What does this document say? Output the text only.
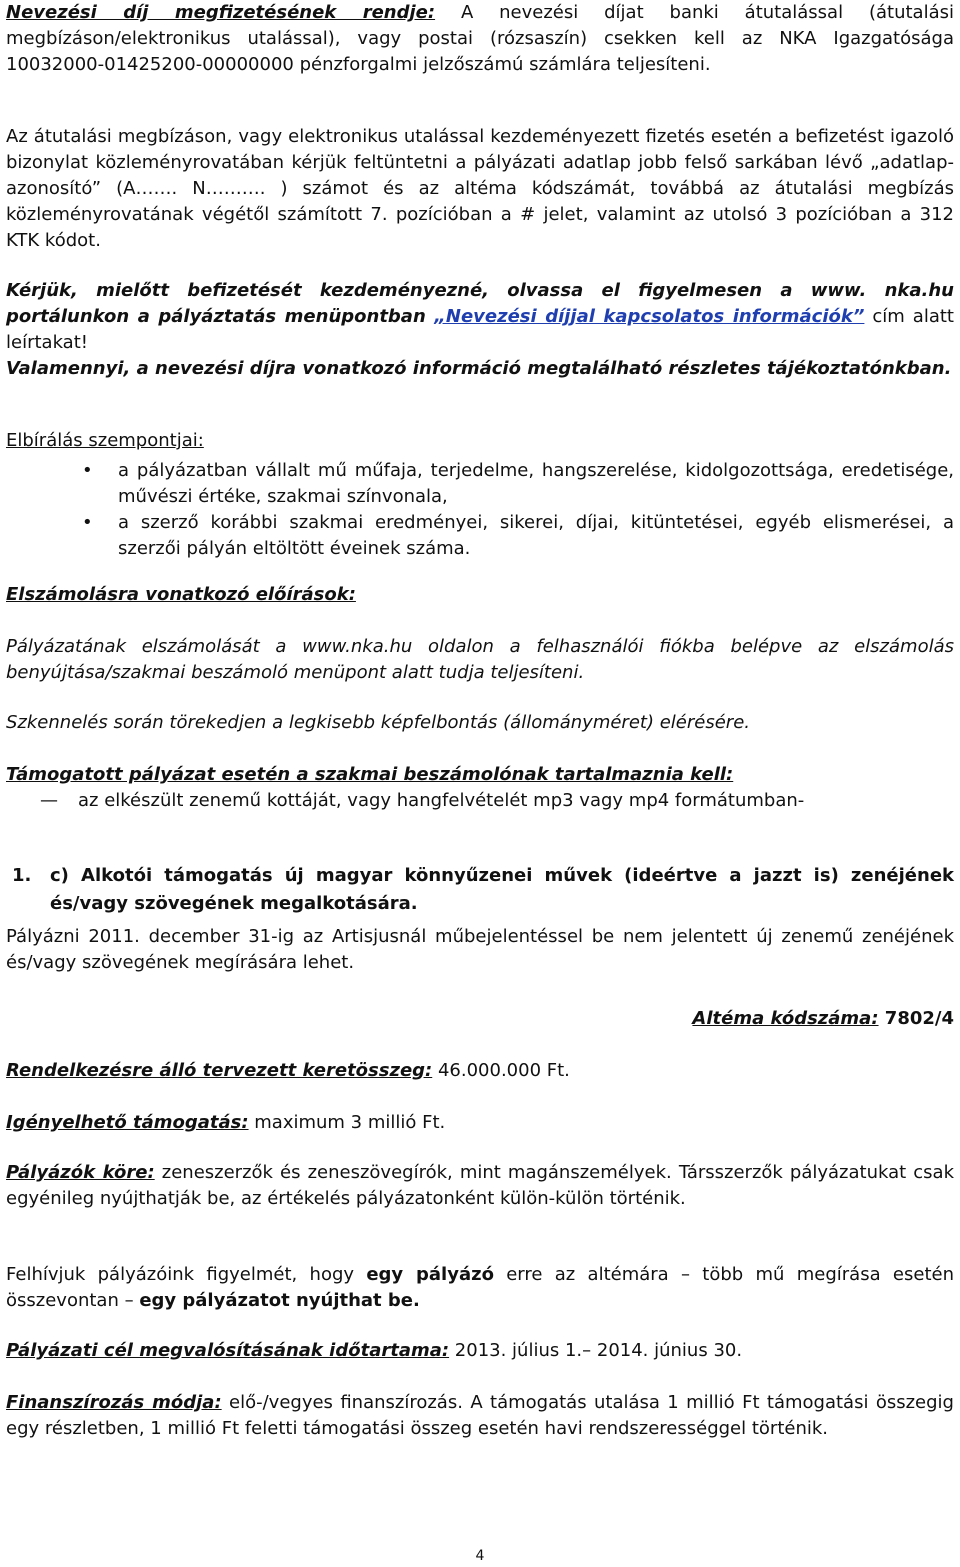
Nevezési díj megfizetésének rendje: A nevezési díjat banki átutalással (átutalási megbízáson/elektronikus utalással), vagy postai (rózsaszín) csekken kell az NKA Igazgatósága 10032000-01425200-00000000 pénzforgalmi jelzőszámú számlára teljesíteni.

Az átutalási megbízáson, vagy elektronikus utalással kezdeményezett fizetés esetén a befizetést igazoló bizonylat közleményrovatában kérjük feltüntetni a pályázati adatlap jobb felső sarkában lévő „adatlap-azonosító” (A……. N………. ) számot és az altéma kódszámát, továbbá az átutalási megbízás közleményrovatának végétől számított 7. pozícióban a # jelet, valamint az utolsó 3 pozícióban a 312 KTK kódot.

Kérjük, mielőtt befizetését kezdeményezné, olvassa el figyelmesen a www. nka.hu portálunkon a pályáztatás menüpontban „Nevezési díjjal kapcsolatos információk” cím alatt leírtakat!

Valamennyi, a nevezési díjra vonatkozó információ megtalálható részletes tájékoztatónkban.

Elbírálás szempontjai:

• a pályázatban vállalt mű műfaja, terjedelme, hangszerelése, kidolgozottsága, eredetisége, művészi értéke, szakmai színvonala,
• a szerző korábbi szakmai eredményei, sikerei, díjai, kitüntetései, egyéb elismerései, a szerzői pályán eltöltött éveinek száma.

Elszámolásra vonatkozó előírások:

Pályázatának elszámolását a www.nka.hu oldalon a felhasználói fiókba belépve az elszámolás benyújtása/szakmai beszámoló menüpont alatt tudja teljesíteni.

Szkennelés során törekedjen a legkisebb képfelbontás (állományméret) elérésére.

Támogatott pályázat esetén a szakmai beszámolónak tartalmaznia kell:

— az elkészült zenemű kottáját, vagy hangfelvételét mp3 vagy mp4 formátumban-
1. c) Alkotói támogatás új magyar könnyűzenei művek (ideértve a jazzt is) zenéjének és/vagy szövegének megalkotására.

Pályázni 2011. december 31-ig az Artisjusnál műbejelentéssel be nem jelentett új zenemű zenéjének és/vagy szövegének megírására lehet.

Altéma kódszáma: 7802/4

Rendelkezésre álló tervezett keretösszeg: 46.000.000 Ft.

Igényelhető támogatás: maximum 3 millió Ft.

Pályázók köre: zeneszerzők és zeneszövegírók, mint magánszemélyek. Társszerzők pályázatukat csak egyénileg nyújthatják be, az értékelés pályázatonként külön-külön történik.

Felhívjuk pályázóink figyelmét, hogy egy pályázó erre az altémára – több mű megírása esetén összevontan – egy pályázatot nyújthat be.

Pályázati cél megvalósításának időtartama: 2013. július 1.– 2014. június 30.

Finanszírozás módja: elő-/vegyes finanszírozás. A támogatás utalása 1 millió Ft támogatási összegig egy részletben, 1 millió Ft feletti támogatási összeg esetén havi rendszerességgel történik.

4
